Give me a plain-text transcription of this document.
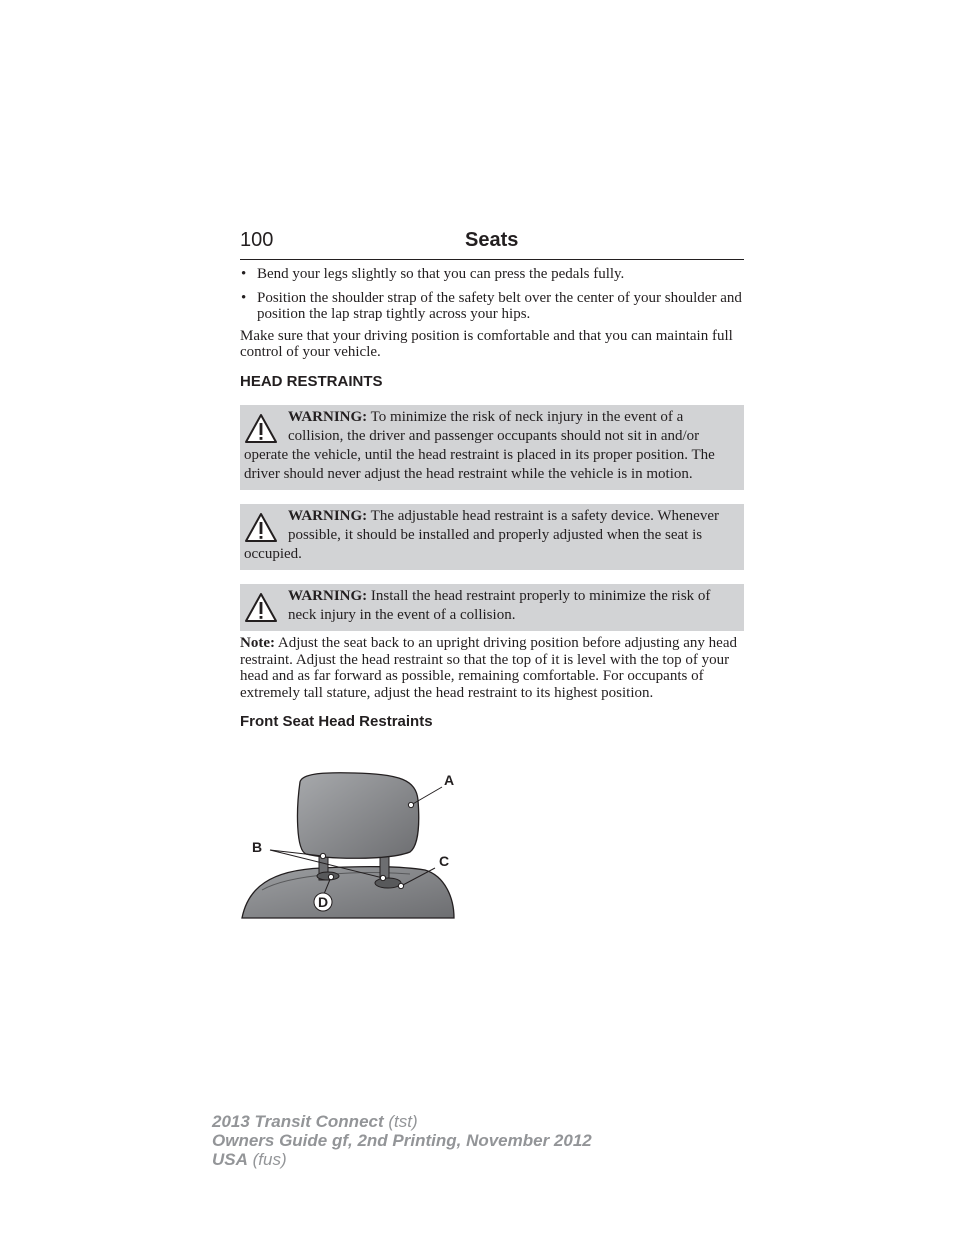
100	Seats
• Bend your legs slightly so that you can press the pedals fully.
• Position the shoulder strap of the safety belt over the center of your shoulder and position the lap strap tightly across your hips.

Make sure that your driving position is comfortable and that you can maintain full control of your vehicle.

HEAD RESTRAINTS

WARNING: To minimize the risk of neck injury in the event of a collision, the driver and passenger occupants should not sit in and/or operate the vehicle, until the head restraint is placed in its proper position. The driver should never adjust the head restraint while the vehicle is in motion.
WARNING: The adjustable head restraint is a safety device. Whenever possible, it should be installed and properly adjusted when the seat is occupied.
WARNING: Install the head restraint properly to minimize the risk of neck injury in the event of a collision.

Note: Adjust the seat back to an upright driving position before adjusting any head restraint. Adjust the head restraint so that the top of it is level with the top of your head and as far forward as possible, remaining comfortable. For occupants of extremely tall stature, adjust the head restraint to its highest position.

Front Seat Head Restraints

A
B
C
D
2013 Transit Connect (tst)
Owners Guide gf, 2nd Printing, November 2012
USA (fus)
